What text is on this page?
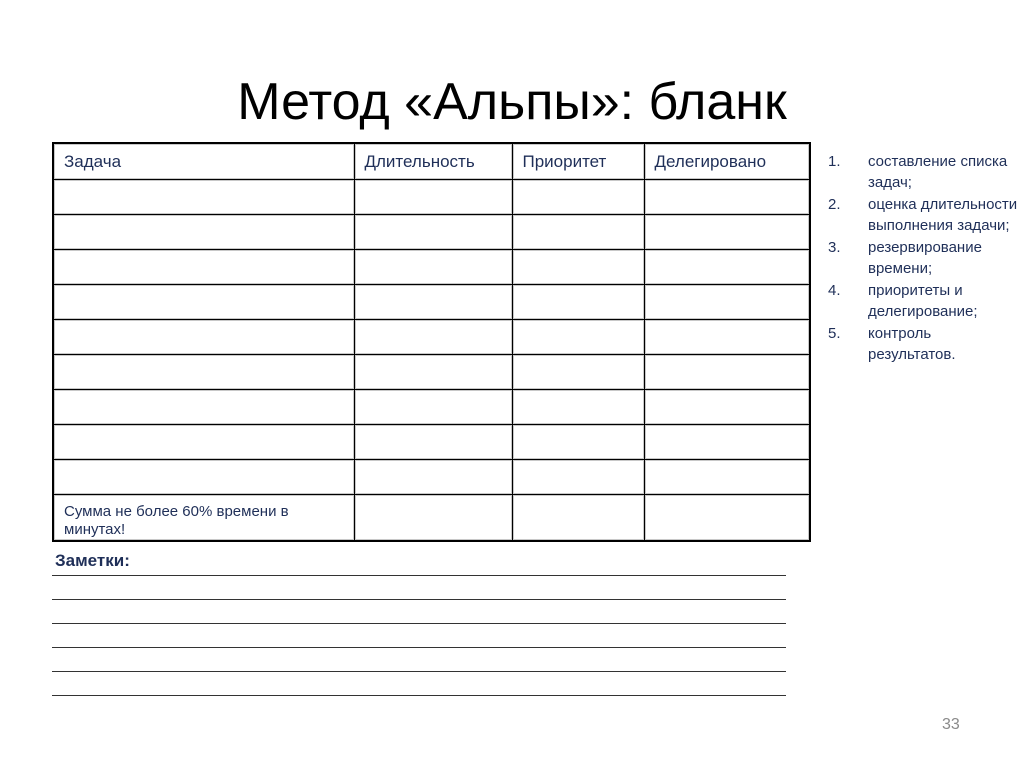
Метод «Альпы»: бланк
Задача	Длительность	Приоритет	Делегировано

Сумма не более 60% времени в минутах!			
Заметки:
1. составление списка задач;
2. оценка длительности выполнения задачи;
3. резервирование времени;
4. приоритеты и делегирование;
5. контроль результатов.
33
